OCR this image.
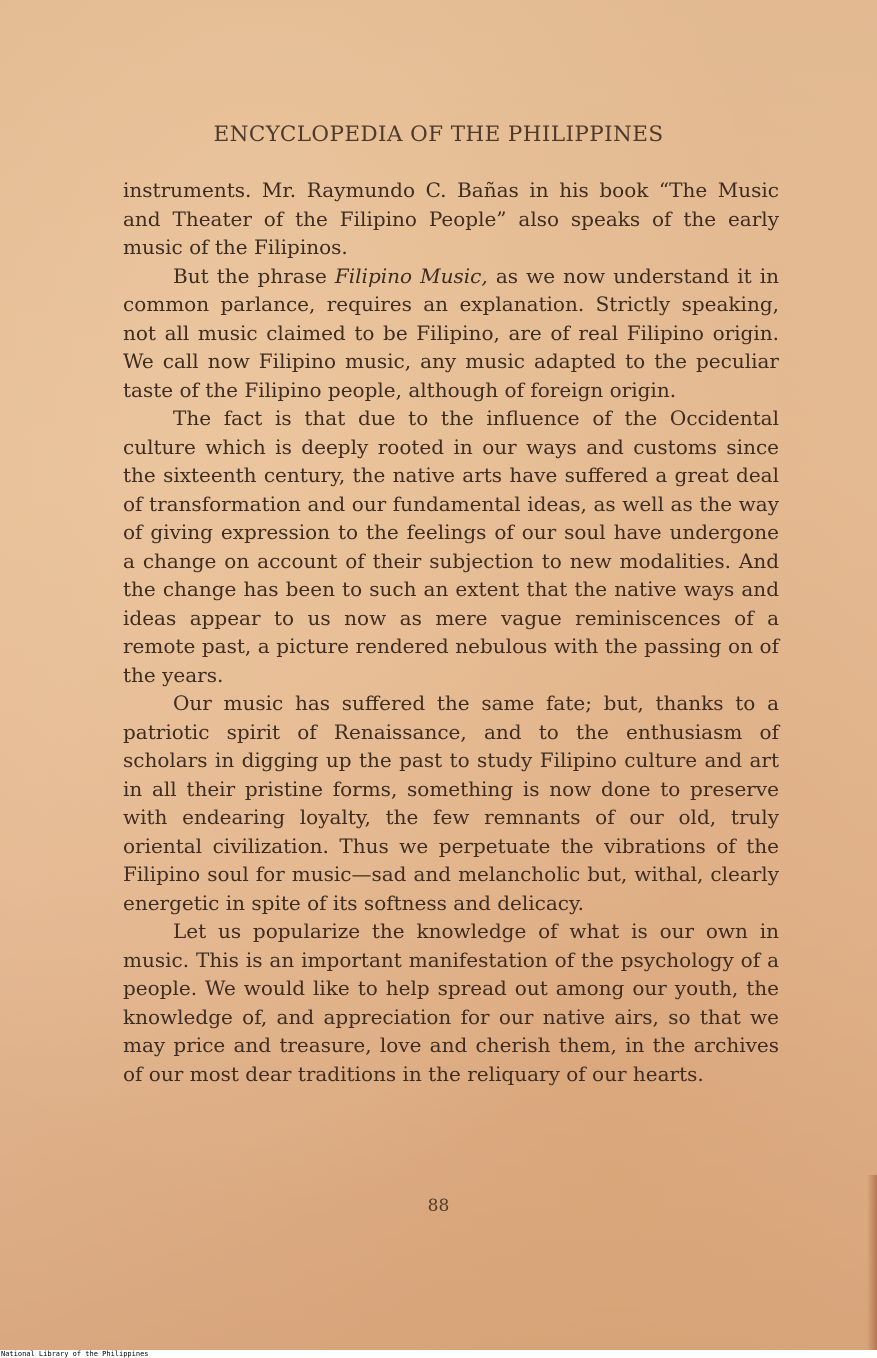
ENCYCLOPEDIA OF THE PHILIPPINES

instruments. Mr. Raymundo C. Bañas in his book “The Music and Theater of the Filipino People” also speaks of the early music of the Filipinos.

But the phrase Filipino Music, as we now understand it in common parlance, requires an explanation. Strictly speaking, not all music claimed to be Filipino, are of real Filipino origin. We call now Filipino music, any music adapted to the peculiar taste of the Filipino people, although of foreign origin.

The fact is that due to the influence of the Occidental culture which is deeply rooted in our ways and customs since the sixteenth century, the native arts have suffered a great deal of transformation and our fundamental ideas, as well as the way of giving expression to the feelings of our soul have undergone a change on account of their subjection to new modalities. And the change has been to such an extent that the native ways and ideas appear to us now as mere vague reminiscences of a remote past, a picture rendered nebulous with the passing on of the years.

Our music has suffered the same fate; but, thanks to a patriotic spirit of Renaissance, and to the enthusiasm of scholars in digging up the past to study Filipino culture and art in all their pristine forms, something is now done to preserve with endearing loyalty, the few remnants of our old, truly oriental civilization. Thus we perpetuate the vibrations of the Filipino soul for music—sad and melancholic but, withal, clearly energetic in spite of its softness and delicacy.

Let us popularize the knowledge of what is our own in music. This is an important manifestation of the psychology of a people. We would like to help spread out among our youth, the knowledge of, and appreciation for our native airs, so that we may price and treasure, love and cherish them, in the archives of our most dear traditions in the reliquary of our hearts.

88
National Library of the Philippines
